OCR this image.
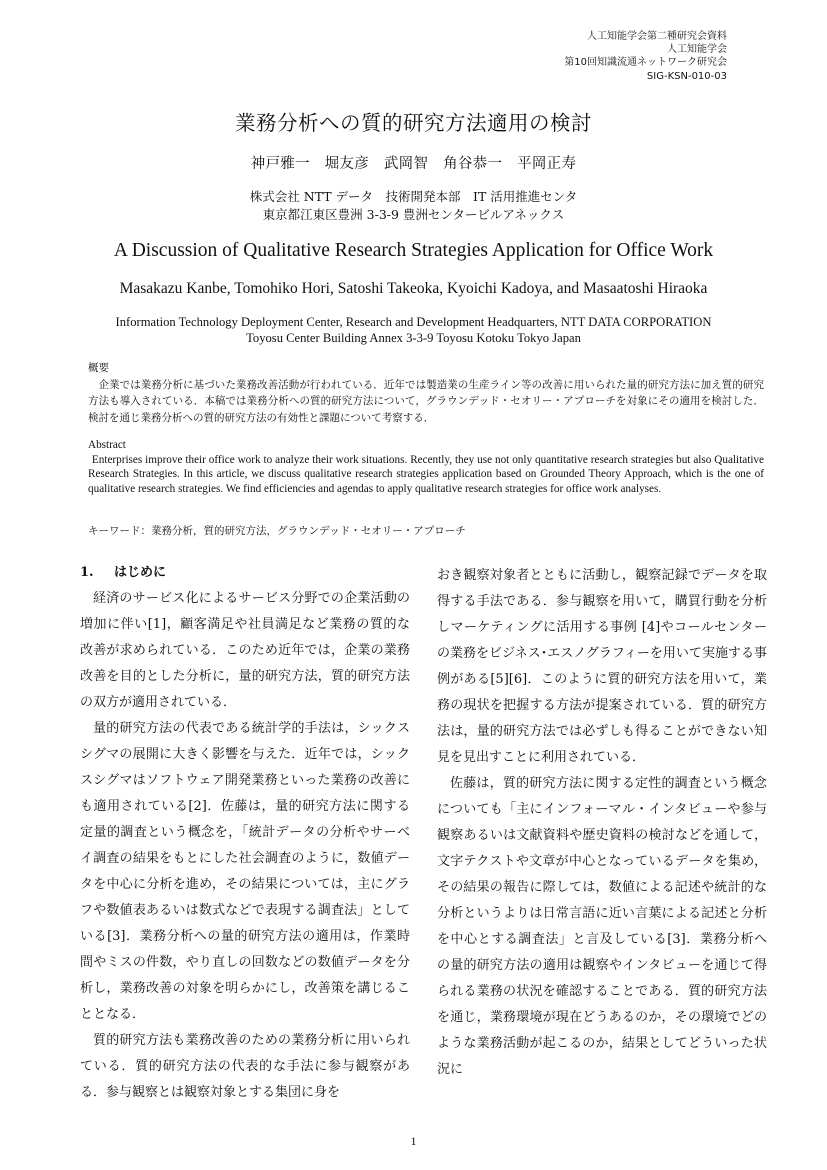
人工知能学会第二種研究会資料
人工知能学会
第10回知識流通ネットワーク研究会
SIG-KSN-010-03
業務分析への質的研究方法適用の検討
神戸雅一　堀友彦　武岡智　角谷恭一　平岡正寿
株式会社 NTT データ　技術開発本部　IT 活用推進センタ
東京都江東区豊洲 3-3-9 豊洲センタービルアネックス
A Discussion of Qualitative Research Strategies Application for Office Work
Masakazu Kanbe, Tomohiko Hori, Satoshi Takeoka, Kyoichi Kadoya, and Masaatoshi Hiraoka
Information Technology Deployment Center, Research and Development Headquarters, NTT DATA CORPORATION
Toyosu Center Building Annex 3-3-9 Toyosu Kotoku Tokyo Japan
概要
企業では業務分析に基づいた業務改善活動が行われている．近年では製造業の生産ライン等の改善に用いられた量的研究方法に加え質的研究方法も導入されている．本稿では業務分析への質的研究方法について，グラウンデッド・セオリー・アプローチを対象にその適用を検討した．検討を通じ業務分析への質的研究方法の有効性と課題について考察する．
Abstract
Enterprises improve their office work to analyze their work situations. Recently, they use not only quantitative research strategies but also Qualitative Research Strategies. In this article, we discuss qualitative research strategies application based on Grounded Theory Approach, which is the one of qualitative research strategies. We find efficiencies and agendas to apply qualitative research strategies for office work analyses.
キーワード：業務分析，質的研究方法，グラウンデッド・セオリー・アプローチ
1. はじめに

経済のサービス化によるサービス分野での企業活動の増加に伴い[1]，顧客満足や社員満足など業務の質的な改善が求められている．このため近年では，企業の業務改善を目的とした分析に，量的研究方法，質的研究方法の双方が適用されている．

量的研究方法の代表である統計学的手法は，シックスシグマの展開に大きく影響を与えた．近年では，シックスシグマはソフトウェア開発業務といった業務の改善にも適用されている[2]．佐藤は，量的研究方法に関する定量的調査という概念を，「統計データの分析やサーベイ調査の結果をもとにした社会調査のように，数値データを中心に分析を進め，その結果については，主にグラフや数値表あるいは数式などで表現する調査法」としている[3]．業務分析への量的研究方法の適用は，作業時間やミスの件数，やり直しの回数などの数値データを分析し，業務改善の対象を明らかにし，改善策を講じることとなる．

質的研究方法も業務改善のための業務分析に用いられている．質的研究方法の代表的な手法に参与観察がある．参与観察とは観察対象とする集団に身を

おき観察対象者とともに活動し，観察記録でデータを取得する手法である．参与観察を用いて，購買行動を分析しマーケティングに活用する事例 [4]やコールセンターの業務をビジネス･エスノグラフィーを用いて実施する事例がある[5][6]．このように質的研究方法を用いて，業務の現状を把握する方法が提案されている．質的研究方法は，量的研究方法では必ずしも得ることができない知見を見出すことに利用されている．

佐藤は，質的研究方法に関する定性的調査という概念についても「主にインフォーマル・インタビューや参与観察あるいは文献資料や歴史資料の検討などを通して，文字テクストや文章が中心となっているデータを集め，その結果の報告に際しては，数値による記述や統計的な分析というよりは日常言語に近い言葉による記述と分析を中心とする調査法」と言及している[3]．業務分析への量的研究方法の適用は観察やインタビューを通じて得られる業務の状況を確認することである．質的研究方法を通じ，業務環境が現在どうあるのか，その環境でどのような業務活動が起こるのか，結果としてどういった状況に

1
